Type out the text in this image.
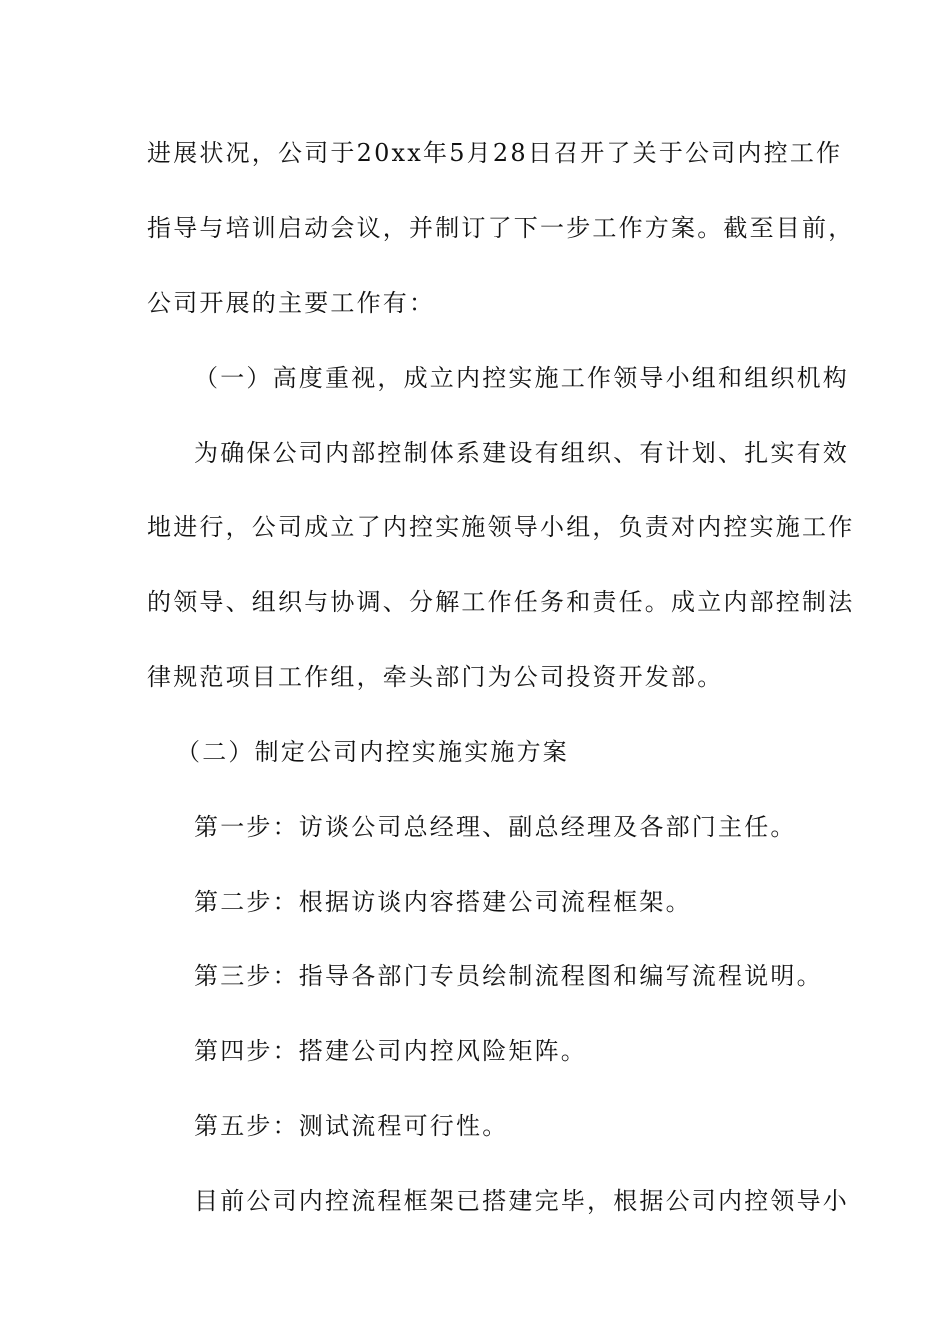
进展状况，公司于20xx年5月28日召开了关于公司内控工作
指导与培训启动会议，并制订了下一步工作方案。截至目前，
公司开展的主要工作有：
（一）高度重视，成立内控实施工作领导小组和组织机构
为确保公司内部控制体系建设有组织、有计划、扎实有效
地进行，公司成立了内控实施领导小组，负责对内控实施工作
的领导、组织与协调、分解工作任务和责任。成立内部控制法
律规范项目工作组，牵头部门为公司投资开发部。
（二）制定公司内控实施实施方案
第一步：访谈公司总经理、副总经理及各部门主任。
第二步：根据访谈内容搭建公司流程框架。
第三步：指导各部门专员绘制流程图和编写流程说明。
第四步：搭建公司内控风险矩阵。
第五步：测试流程可行性。
目前公司内控流程框架已搭建完毕，根据公司内控领导小
